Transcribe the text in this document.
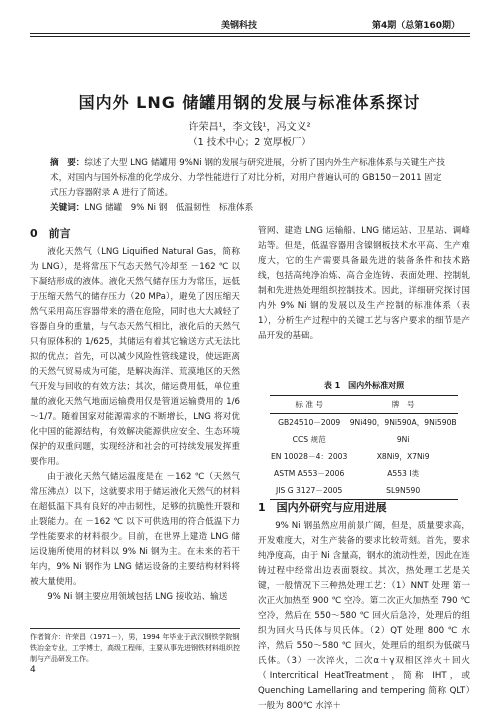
美钢科技	第4期（总第160期）
国内外 LNG 储罐用钢的发展与标准体系探讨
许荣昌¹，李文钱¹，冯文义²
（1 技术中心；2 宽厚板厂）
摘　要：综述了大型 LNG 储罐用 9%Ni 钢的发展与研究进展，分析了国内外生产标准体系与关键生产技术，对国内与国外标准的化学成分、力学性能进行了对比分析，对用户普遍认可的 GB150－2011 固定式压力容器附录 A 进行了简述。
关键词：LNG 储罐　9% Ni 钢　低温韧性　标准体系
0　前言

液化天然气（LNG Liquified Natural Gas，简称为 LNG），是将常压下气态天然气冷却至 －162 ℃ 以下凝结形成的液体。液化天然气储存压力为常压，远低于压缩天然气的储存压力（20 MPa），避免了因压缩天然气采用高压容器带来的潜在危险，同时也大大减轻了容器自身的重量，与气态天然气相比，液化后的天然气只有原体积的 1/625，其储运有着其它输送方式无法比拟的优点；首先，可以减少风险性管线建设，使远距离的天然气贸易成为可能，是解决海洋、荒漠地区的天然气开发与回收的有效方法；其次，储运费用低，单位重量的液化天然气地面运输费用仅是管道运输费用的 1/6～1/7。随着国家对能源需求的不断增长，LNG 将对优化中国的能源结构，有效解决能源供应安全、生态环境保护的双重问题，实现经济和社会的可持续发展发挥重要作用。

由于液化天然气储运温度是在 －162 ℃（天然气常压沸点）以下，这就要求用于储运液化天然气的材料在超低温下具有良好的冲击韧性，足够的抗脆性开裂和止裂能力。在 －162 ℃ 以下可供选用的符合低温下力学性能要求的材料很少。目前，在世界上建造 LNG 储运设施所使用的材料以 9% Ni 钢为主。在未来的若干年内，9% Ni 钢作为 LNG 储运设备的主要结构材料将被大量使用。

9% Ni 钢主要应用领域包括 LNG 接收站、输送

管网、建造 LNG 运输船、LNG 储运站、卫星站、调峰站等。但是，低温容器用含镍钢板技术水平高、生产难度大，它的生产需要具备最先进的装备条件和技术路线，包括高纯净冶炼、高合金连铸、表面处理、控制轧制和先进热处理组织控制技术。因此，详细研究探讨国内外 9% Ni 钢的发展以及生产控制的标准体系（表 1），分析生产过程中的关键工艺与客户要求的细节是产品开发的基础。

表 1　国内外标准对照
标 准 号	牌　号
GB24510－2009	9Ni490，9Ni590A，9Ni590B
CCS 规范	9Ni
EN 10028－4：2003	X8Ni9，X7Ni9
ASTM A553－2006	A553 Ⅰ类
JIS G 3127－2005	SL9N590
1　国内外研究与应用进展

9% Ni 钢虽然应用前景广阔，但是，质量要求高，开发难度大，对生产装备的要求比较苛刻。首先，要求纯净度高，由于 Ni 含量高，钢水的流动性差，因此在连铸过程中经常出边表面裂纹。其次，热处理工艺是关键，一般情况下三种热处理工艺：（1）NNT 处理 第一次正火加热至 900 ℃ 空冷。第二次正火加热至 790 ℃ 空冷，然后在 550～580 ℃ 回火后急冷，处理后的组织为回火马氏体与贝氏体。（2）QT 处理 800 ℃ 水淬，然后 550～580 ℃ 回火，处理后的组织为低碳马氏体。（3）一次淬火，二次α＋γ双相区淬火＋回火（Intercritical HeatTreatment，简称 IHT，或 Quenching Lamellaring and tempering 简称 QLT）一般为 800℃ 水淬＋

作者简介：许荣昌（1971－），男，1994 年毕业于武汉钢铁学院钢铁冶金专业，工学博士，高级工程师，主要从事先进钢铁材料组织控制与产品研发工作。
4
